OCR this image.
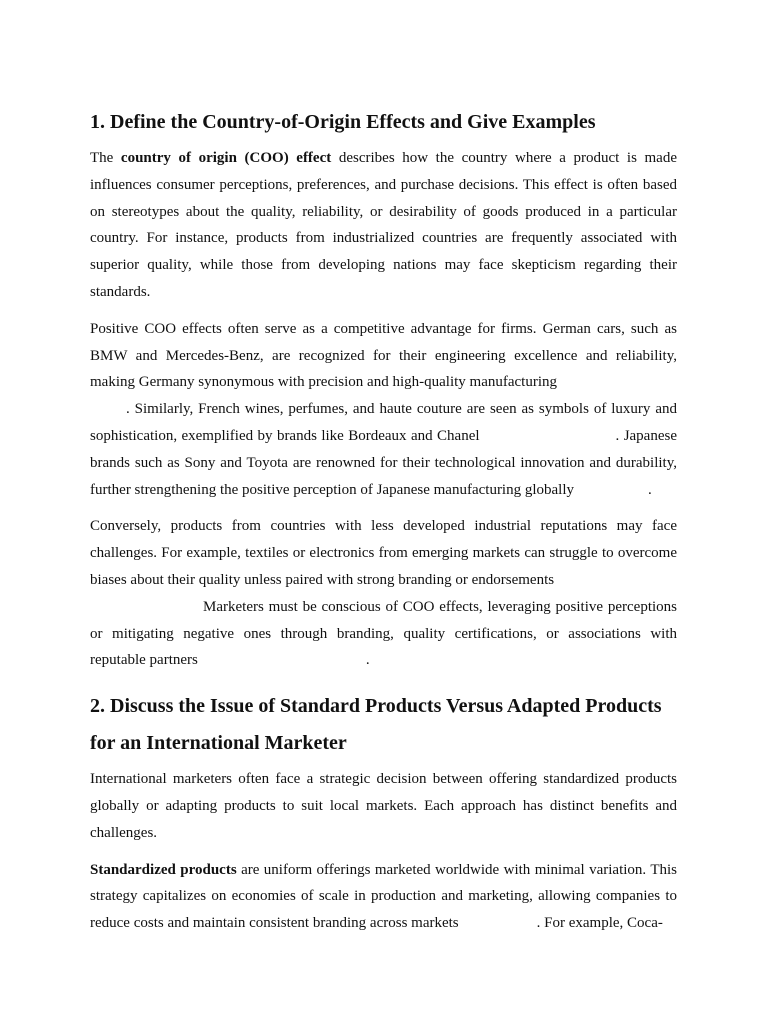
1. Define the Country-of-Origin Effects and Give Examples

The country of origin (COO) effect describes how the country where a product is made influences consumer perceptions, preferences, and purchase decisions. This effect is often based on stereotypes about the quality, reliability, or desirability of goods produced in a particular country. For instance, products from industrialized countries are frequently associated with superior quality, while those from developing nations may face skepticism regarding their standards.

Positive COO effects often serve as a competitive advantage for firms. German cars, such as BMW and Mercedes-Benz, are recognized for their engineering excellence and reliability, making Germany synonymous with precision and high-quality manufacturing
. Similarly, French wines, perfumes, and haute couture are seen as symbols of luxury and sophistication, exemplified by brands like Bordeaux and Chanel	. Japanese brands such as Sony and Toyota are renowned for their technological innovation and durability, further strengthening the positive perception of Japanese manufacturing globally	.

Conversely, products from countries with less developed industrial reputations may face challenges. For example, textiles or electronics from emerging markets can struggle to overcome biases about their quality unless paired with strong branding or endorsements
Marketers must be conscious of COO effects, leveraging positive perceptions or mitigating negative ones through branding, quality certifications, or associations with reputable partners	.

2. Discuss the Issue of Standard Products Versus Adapted Products for an International Marketer

International marketers often face a strategic decision between offering standardized products globally or adapting products to suit local markets. Each approach has distinct benefits and challenges.

Standardized products are uniform offerings marketed worldwide with minimal variation. This strategy capitalizes on economies of scale in production and marketing, allowing companies to reduce costs and maintain consistent branding across markets	. For example, Coca-
